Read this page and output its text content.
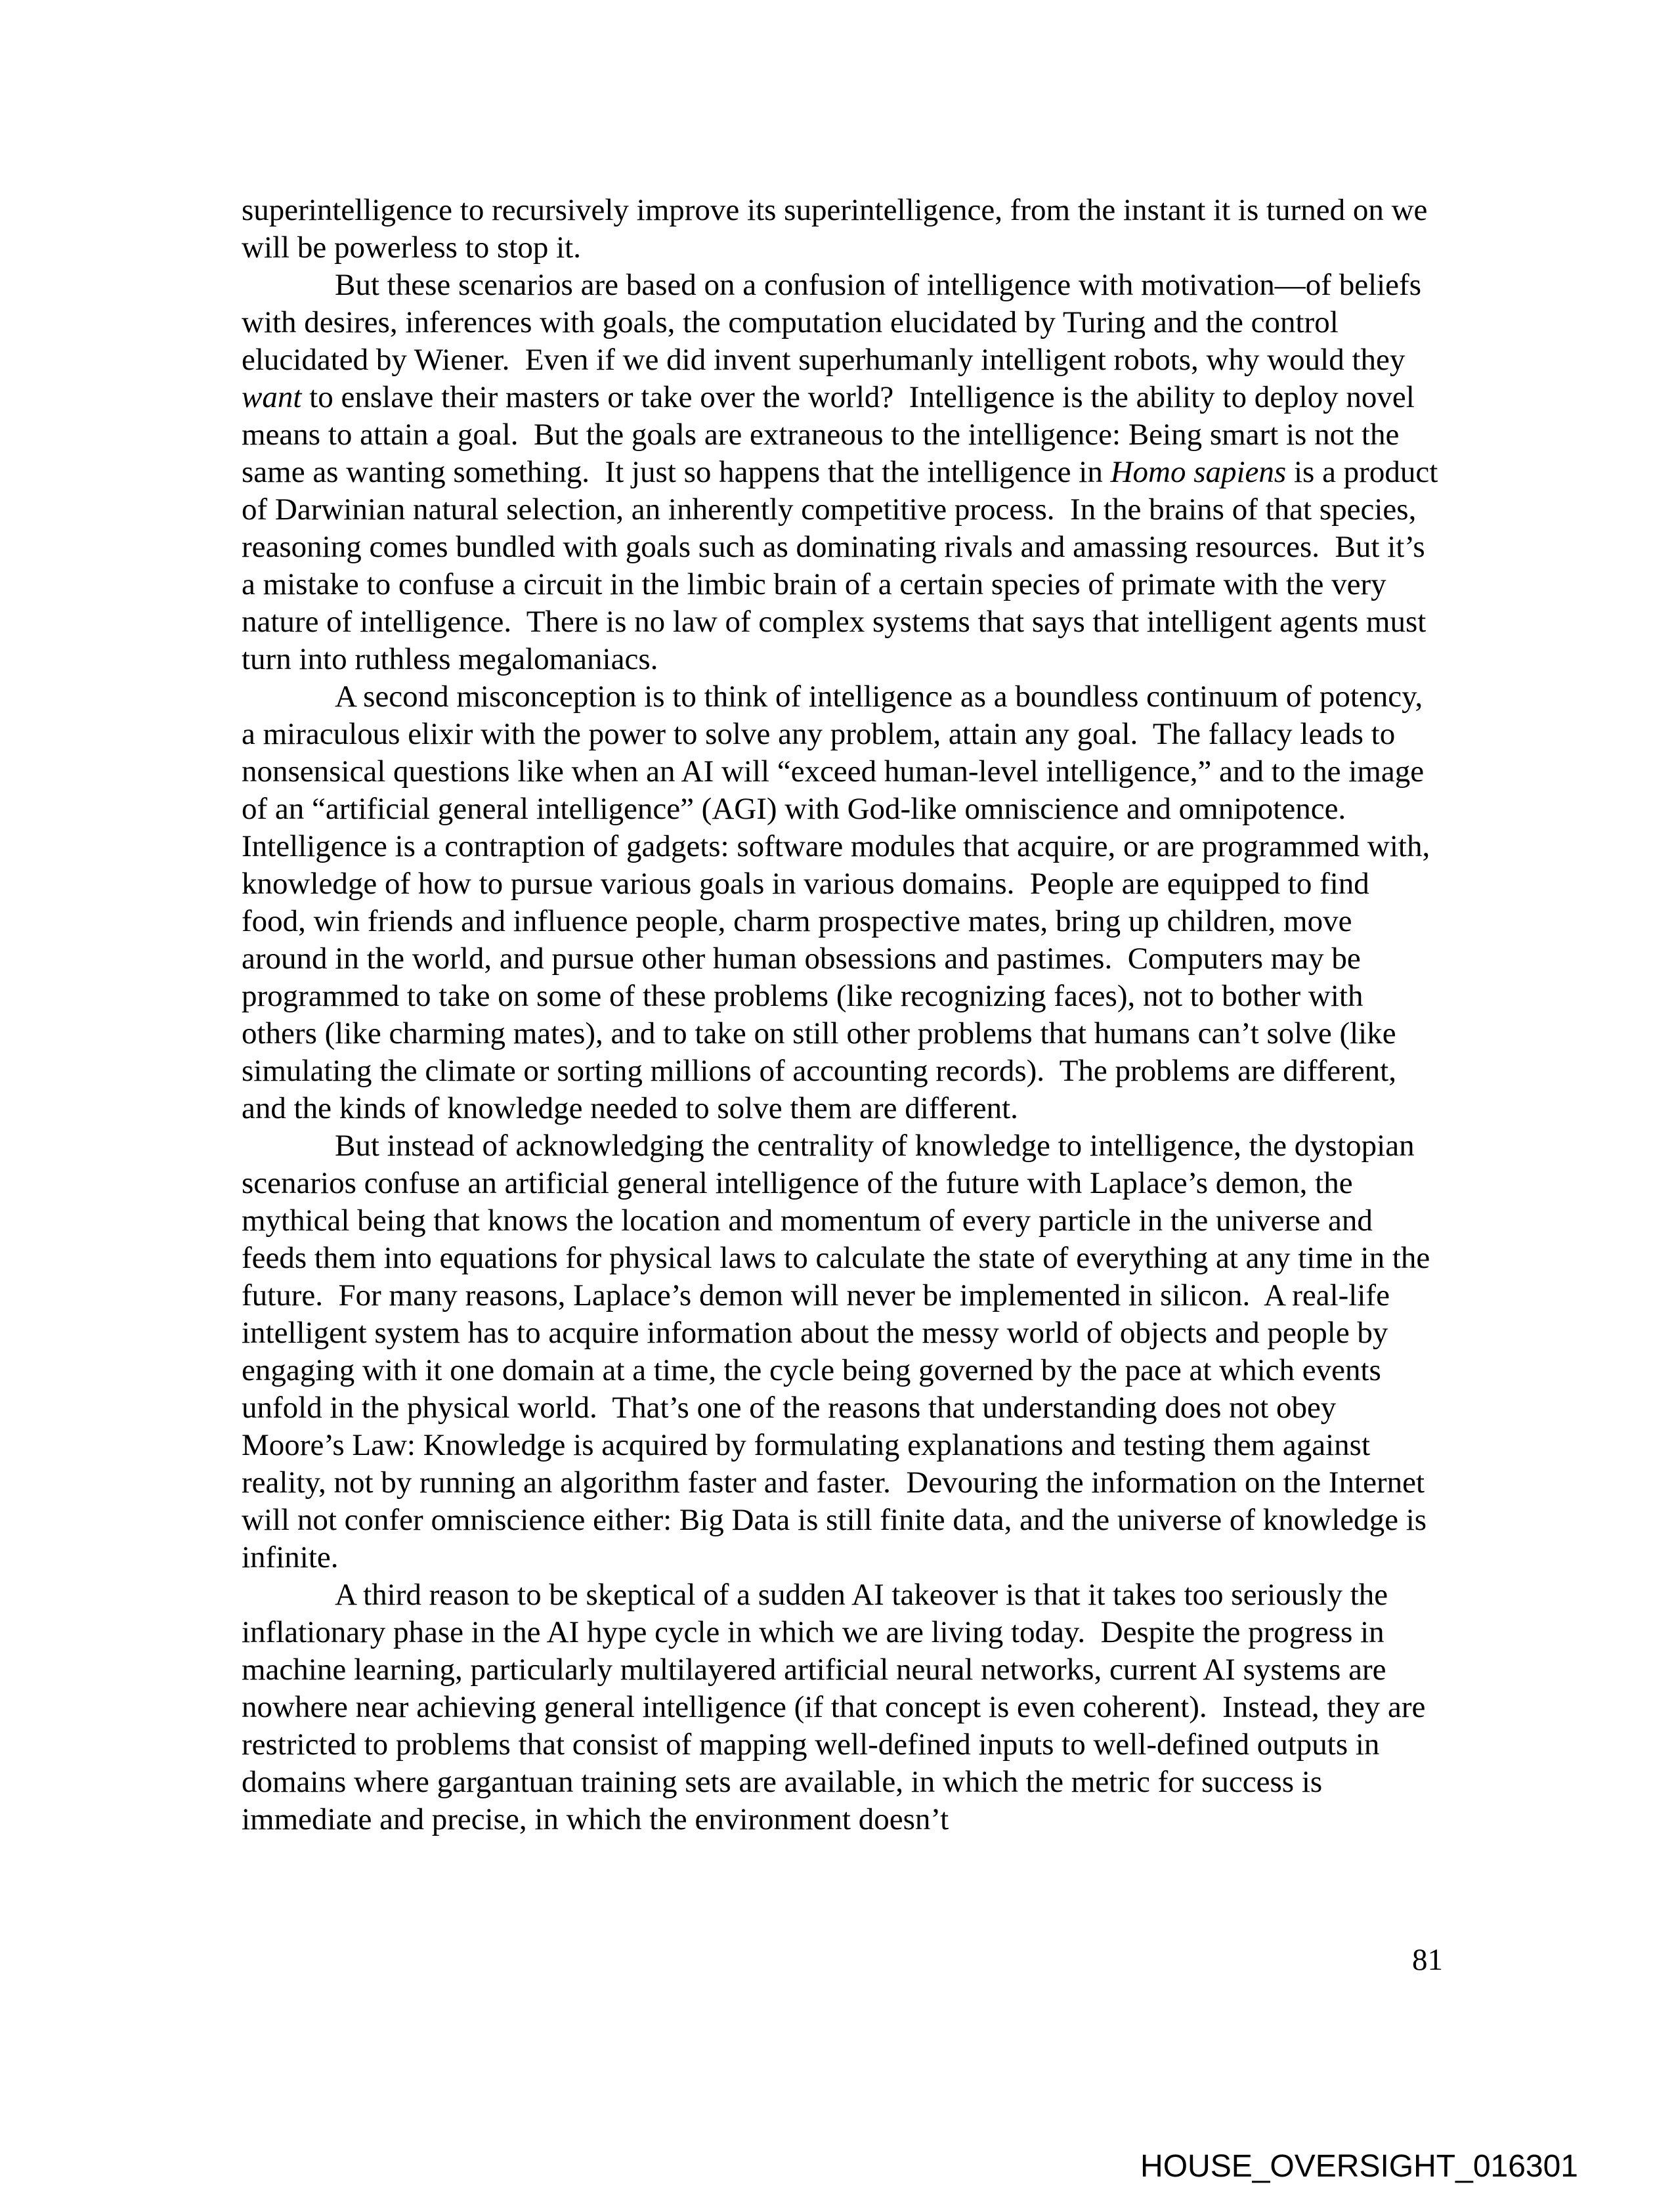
superintelligence to recursively improve its superintelligence, from the instant it is turned on we will be powerless to stop it.

But these scenarios are based on a confusion of intelligence with motivation—of beliefs with desires, inferences with goals, the computation elucidated by Turing and the control elucidated by Wiener.  Even if we did invent superhumanly intelligent robots, why would they want to enslave their masters or take over the world?  Intelligence is the ability to deploy novel means to attain a goal.  But the goals are extraneous to the intelligence: Being smart is not the same as wanting something.  It just so happens that the intelligence in Homo sapiens is a product of Darwinian natural selection, an inherently competitive process.  In the brains of that species, reasoning comes bundled with goals such as dominating rivals and amassing resources.  But it’s a mistake to confuse a circuit in the limbic brain of a certain species of primate with the very nature of intelligence.  There is no law of complex systems that says that intelligent agents must turn into ruthless megalomaniacs.

A second misconception is to think of intelligence as a boundless continuum of potency, a miraculous elixir with the power to solve any problem, attain any goal.  The fallacy leads to nonsensical questions like when an AI will “exceed human-level intelligence,” and to the image of an “artificial general intelligence” (AGI) with God-like omniscience and omnipotence.  Intelligence is a contraption of gadgets: software modules that acquire, or are programmed with, knowledge of how to pursue various goals in various domains.  People are equipped to find food, win friends and influence people, charm prospective mates, bring up children, move around in the world, and pursue other human obsessions and pastimes.  Computers may be programmed to take on some of these problems (like recognizing faces), not to bother with others (like charming mates), and to take on still other problems that humans can’t solve (like simulating the climate or sorting millions of accounting records).  The problems are different, and the kinds of knowledge needed to solve them are different.

But instead of acknowledging the centrality of knowledge to intelligence, the dystopian scenarios confuse an artificial general intelligence of the future with Laplace’s demon, the mythical being that knows the location and momentum of every particle in the universe and feeds them into equations for physical laws to calculate the state of everything at any time in the future.  For many reasons, Laplace’s demon will never be implemented in silicon.  A real-life intelligent system has to acquire information about the messy world of objects and people by engaging with it one domain at a time, the cycle being governed by the pace at which events unfold in the physical world.  That’s one of the reasons that understanding does not obey Moore’s Law: Knowledge is acquired by formulating explanations and testing them against reality, not by running an algorithm faster and faster.  Devouring the information on the Internet will not confer omniscience either: Big Data is still finite data, and the universe of knowledge is infinite.

A third reason to be skeptical of a sudden AI takeover is that it takes too seriously the inflationary phase in the AI hype cycle in which we are living today.  Despite the progress in machine learning, particularly multilayered artificial neural networks, current AI systems are nowhere near achieving general intelligence (if that concept is even coherent).  Instead, they are restricted to problems that consist of mapping well-defined inputs to well-defined outputs in domains where gargantuan training sets are available, in which the metric for success is immediate and precise, in which the environment doesn’t

81
HOUSE_OVERSIGHT_016301
